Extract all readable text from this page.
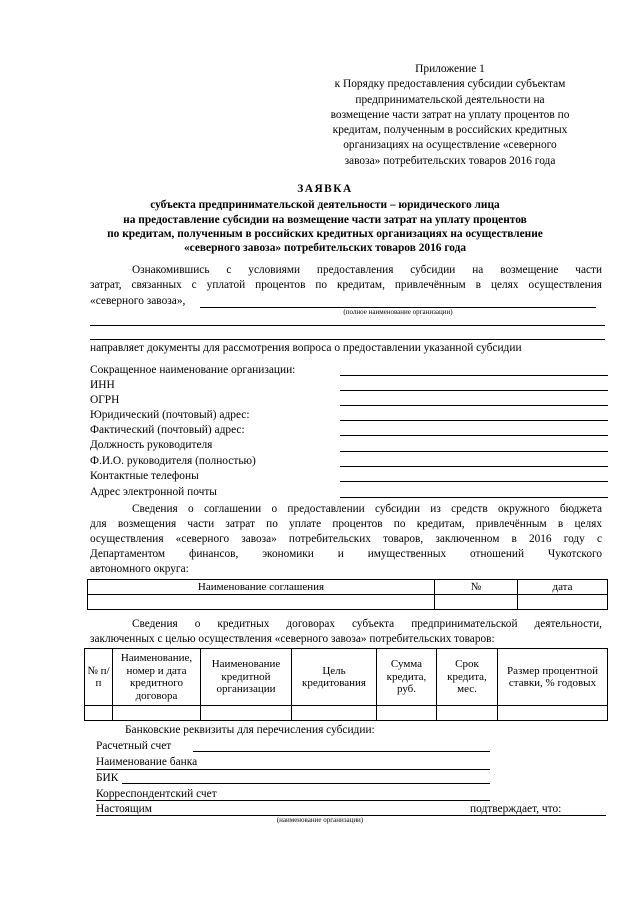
Приложение 1
к Порядку предоставления субсидии субъектам
предпринимательской деятельности на
возмещение части затрат на уплату процентов по
кредитам, полученным в российских кредитных
организациях на осуществление «северного
завоза» потребительских товаров 2016 года
ЗАЯВКА
субъекта предпринимательской деятельности – юридического лица
на предоставление субсидии на возмещение части затрат на уплату процентов
по кредитам, полученным в российских кредитных организациях на осуществление
«северного завоза» потребительских товаров 2016 года
Ознакомившись с условиями предоставления субсидии на возмещение части
затрат, связанных с уплатой процентов по кредитам, привлечённым в целях осуществления
«северного завоза»,
(полное наименование организации)
направляет документы для рассмотрения вопроса о предоставлении указанной субсидии
Сокращенное наименование организации:
ИНН
ОГРН
Юридический (почтовый) адрес:
Фактический (почтовый) адрес:
Должность руководителя
Ф.И.О. руководителя (полностью)
Контактные телефоны
Адрес электронной почты
Сведения о соглашении о предоставлении субсидии из средств окружного бюджета
для возмещения части затрат по уплате процентов по кредитам, привлечённым в целях
осуществления «северного завоза» потребительских товаров, заключенном в 2016 году с
Департаментом финансов, экономики и имущественных отношений Чукотского
автономного округа:
Наименование соглашения	№	дата

Сведения о кредитных договорах субъекта предпринимательской деятельности,
заключенных с целью осуществления «северного завоза» потребительских товаров:
№ п/п	Наименование, номер и дата кредитного договора	Наименование кредитной организации	Цель кредитования	Сумма кредита, руб.	Срок кредита, мес.	Размер процентной ставки, % годовых

Банковские реквизиты для перечисления субсидии:
Расчетный счет
Наименование банка
БИК
Корреспондентский счет
Настоящим	подтверждает, что:
(наименование организации)
